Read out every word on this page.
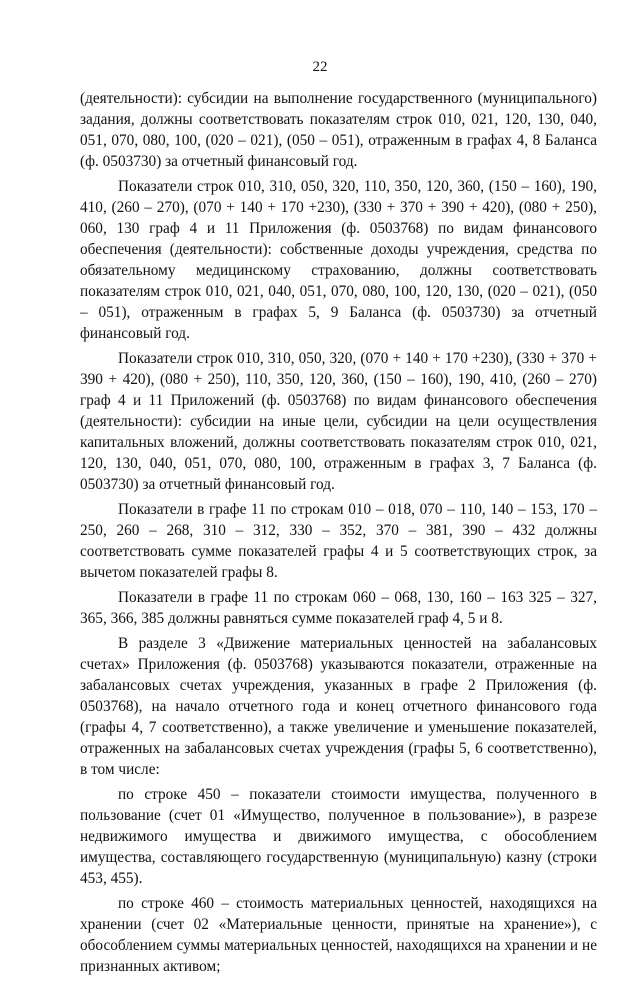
22

(деятельности): субсидии на выполнение государственного (муниципального) задания, должны соответствовать показателям строк 010, 021, 120, 130, 040, 051, 070, 080, 100, (020 – 021), (050 – 051), отраженным в графах 4, 8 Баланса (ф. 0503730) за отчетный финансовый год.

Показатели строк 010, 310, 050, 320, 110, 350, 120, 360, (150 – 160), 190, 410, (260 – 270), (070 + 140 + 170 +230), (330 + 370 + 390 + 420), (080 + 250), 060, 130 граф 4 и 11 Приложения (ф. 0503768) по видам финансового обеспечения (деятельности): собственные доходы учреждения, средства по обязательному медицинскому страхованию, должны соответствовать показателям строк 010, 021, 040, 051, 070, 080, 100, 120, 130, (020 – 021), (050 – 051), отраженным в графах 5, 9 Баланса (ф. 0503730) за отчетный финансовый год.

Показатели строк 010, 310, 050, 320, (070 + 140 + 170 +230), (330 + 370 + 390 + 420), (080 + 250), 110, 350, 120, 360, (150 – 160), 190, 410, (260 – 270) граф 4 и 11 Приложений (ф. 0503768) по видам финансового обеспечения (деятельности): субсидии на иные цели, субсидии на цели осуществления капитальных вложений, должны соответствовать показателям строк 010, 021, 120, 130, 040, 051, 070, 080, 100, отраженным в графах 3, 7 Баланса (ф. 0503730) за отчетный финансовый год.

Показатели в графе 11 по строкам 010 – 018, 070 – 110, 140 – 153, 170 – 250, 260 – 268, 310 – 312, 330 – 352, 370 – 381, 390 – 432 должны соответствовать сумме показателей графы 4 и 5 соответствующих строк, за вычетом показателей графы 8.

Показатели в графе 11 по строкам 060 – 068, 130, 160 – 163 325 – 327, 365, 366, 385 должны равняться сумме показателей граф 4, 5 и 8.

В разделе 3 «Движение материальных ценностей на забалансовых счетах» Приложения (ф. 0503768) указываются показатели, отраженные на забалансовых счетах учреждения, указанных в графе 2 Приложения (ф. 0503768), на начало отчетного года и конец отчетного финансового года (графы 4, 7 соответственно), а также увеличение и уменьшение показателей, отраженных на забалансовых счетах учреждения (графы 5, 6 соответственно), в том числе:

по строке 450 – показатели стоимости имущества, полученного в пользование (счет 01 «Имущество, полученное в пользование»), в разрезе недвижимого имущества и движимого имущества, с обособлением имущества, составляющего государственную (муниципальную) казну (строки 453, 455).

по строке 460 – стоимость материальных ценностей, находящихся на хранении (счет 02 «Материальные ценности, принятые на хранение»), с обособлением суммы материальных ценностей, находящихся на хранении и не признанных активом;
